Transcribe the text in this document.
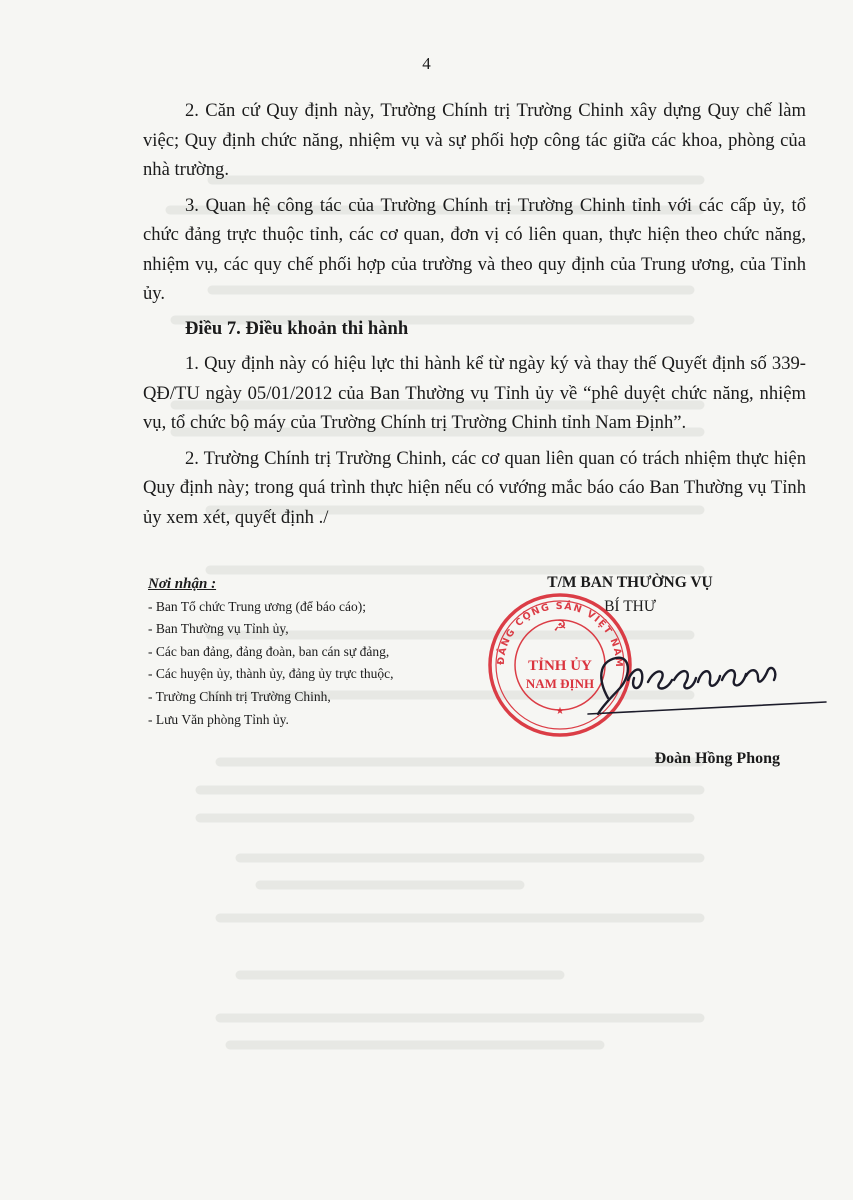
4

2. Căn cứ Quy định này, Trường Chính trị Trường Chinh xây dựng Quy chế làm việc; Quy định chức năng, nhiệm vụ và sự phối hợp công tác giữa các khoa, phòng của nhà trường.

3. Quan hệ công tác của Trường Chính trị Trường Chinh tỉnh với các cấp ủy, tổ chức đảng trực thuộc tỉnh, các cơ quan, đơn vị có liên quan, thực hiện theo chức năng, nhiệm vụ, các quy chế phối hợp của trường và theo quy định của Trung ương, của Tỉnh ủy.

Điều 7. Điều khoản thi hành

1. Quy định này có hiệu lực thi hành kể từ ngày ký và thay thế Quyết định số 339-QĐ/TU ngày 05/01/2012 của Ban Thường vụ Tỉnh ủy về “phê duyệt chức năng, nhiệm vụ, tổ chức bộ máy của Trường Chính trị Trường Chinh tỉnh Nam Định”.

2. Trường Chính trị Trường Chinh, các cơ quan liên quan có trách nhiệm thực hiện Quy định này; trong quá trình thực hiện nếu có vướng mắc báo cáo Ban Thường vụ Tỉnh ủy xem xét, quyết định ./

Nơi nhận :
- Ban Tổ chức Trung ương (để báo cáo);
- Ban Thường vụ Tỉnh ủy,
- Các ban đảng, đảng đoàn, ban cán sự đảng,
- Các huyện ủy, thành ủy, đảng ủy trực thuộc,
- Trường Chính trị Trường Chinh,
- Lưu Văn phòng Tỉnh ủy.
T/M BAN THƯỜNG VỤ
BÍ THƯ
ĐẢNG CỘNG SẢN VIỆT NAM
☭
TỈNH ỦY
NAM ĐỊNH
★
Đoàn Hồng Phong
